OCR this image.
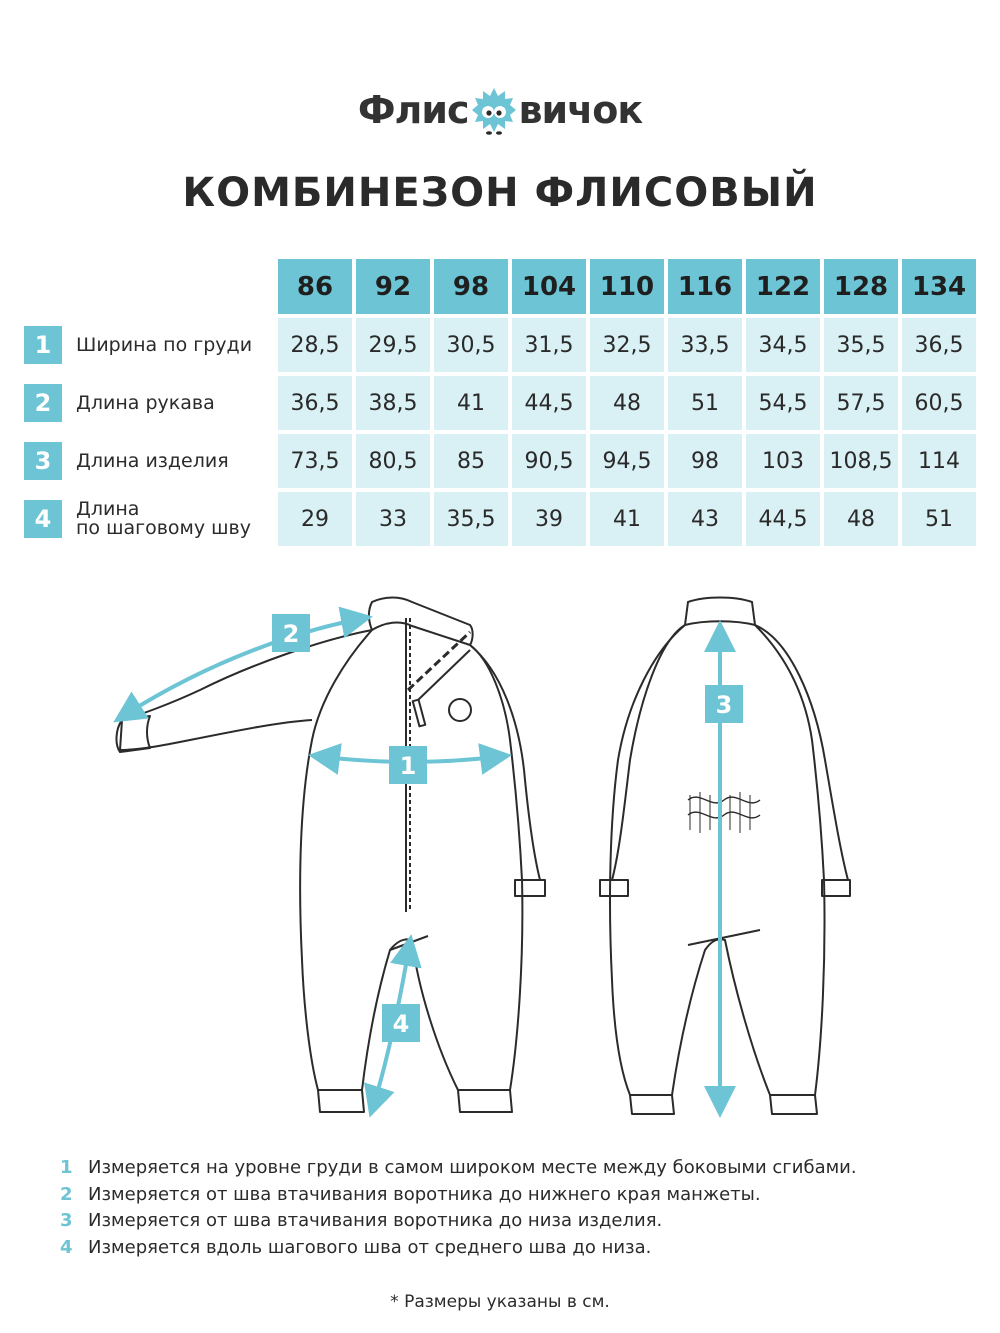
Флис вичок
КОМБИНЕЗОН ФЛИСОВЫЙ
	86	92	98	104	110	116	122	128	134

1 Ширина по груди	28,5	29,5	30,5	31,5	32,5	33,5	34,5	35,5	36,5

2 Длина рукава	36,5	38,5	41	44,5	48	51	54,5	57,5	60,5

3 Длина изделия	73,5	80,5	85	90,5	94,5	98	103	108,5	114

4 Длина
по шаговому шву	29	33	35,5	39	41	43	44,5	48	51
2
1
3
4
1 Измеряется на уровне груди в самом широком месте между боковыми сгибами.
2 Измеряется от шва втачивания воротника до нижнего края манжеты.
3 Измеряется от шва втачивания воротника до низа изделия.
4 Измеряется вдоль шагового шва от среднего шва до низа.
* Размеры указаны в см.
